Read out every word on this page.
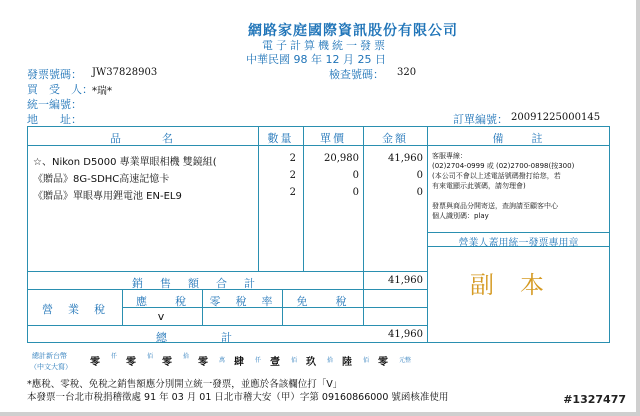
網路家庭國際資訊股份有限公司
電子計算機統一發票
中華民國 98 年 12 月 25 日
發票號碼： JW37828903	檢查號碼： 320
買　受　人： *瑞*
統一編號：
地　　址：	訂單編號： 20091225000145
品　　　名	數量	單價	金額	備　　註
☆、Nikon D5000 專業單眼相機 雙鏡組(	2	20,980	41,960
《贈品》8G-SDHC高速記憶卡	2	0	0
《贈品》單眼專用鋰電池 EN-EL9	2	0	0
客服專線：
(02)2704-0999 或 (02)2700-0898(按300)
(本公司不會以上述電話號碼撥打給您，若
有來電顯示此號碼，請勿理會)
發票與商品分開寄送，查詢請至顧客中心
個人識別碼：play
營業人蓋用統一發票專用章
副本
銷　售　額　合　計	41,960
營　業　稅
應　　稅	零　稅　率	免　　稅
v
總　　　　計	41,960
總計新台幣
（中文大寫） 零
仟
零
佰
零
拾
零 萬 肆 仟 壹 佰 玖 拾 陸 佰 零 元整
*應稅、零稅、免稅之銷售額應分別開立統一發票，並應於各該欄位打「V」
本發票一台北市稅捐稽徵處 91 年 03 月 01 日北市稽大安（甲）字第 09160866000 號函核准使用	#1327477
